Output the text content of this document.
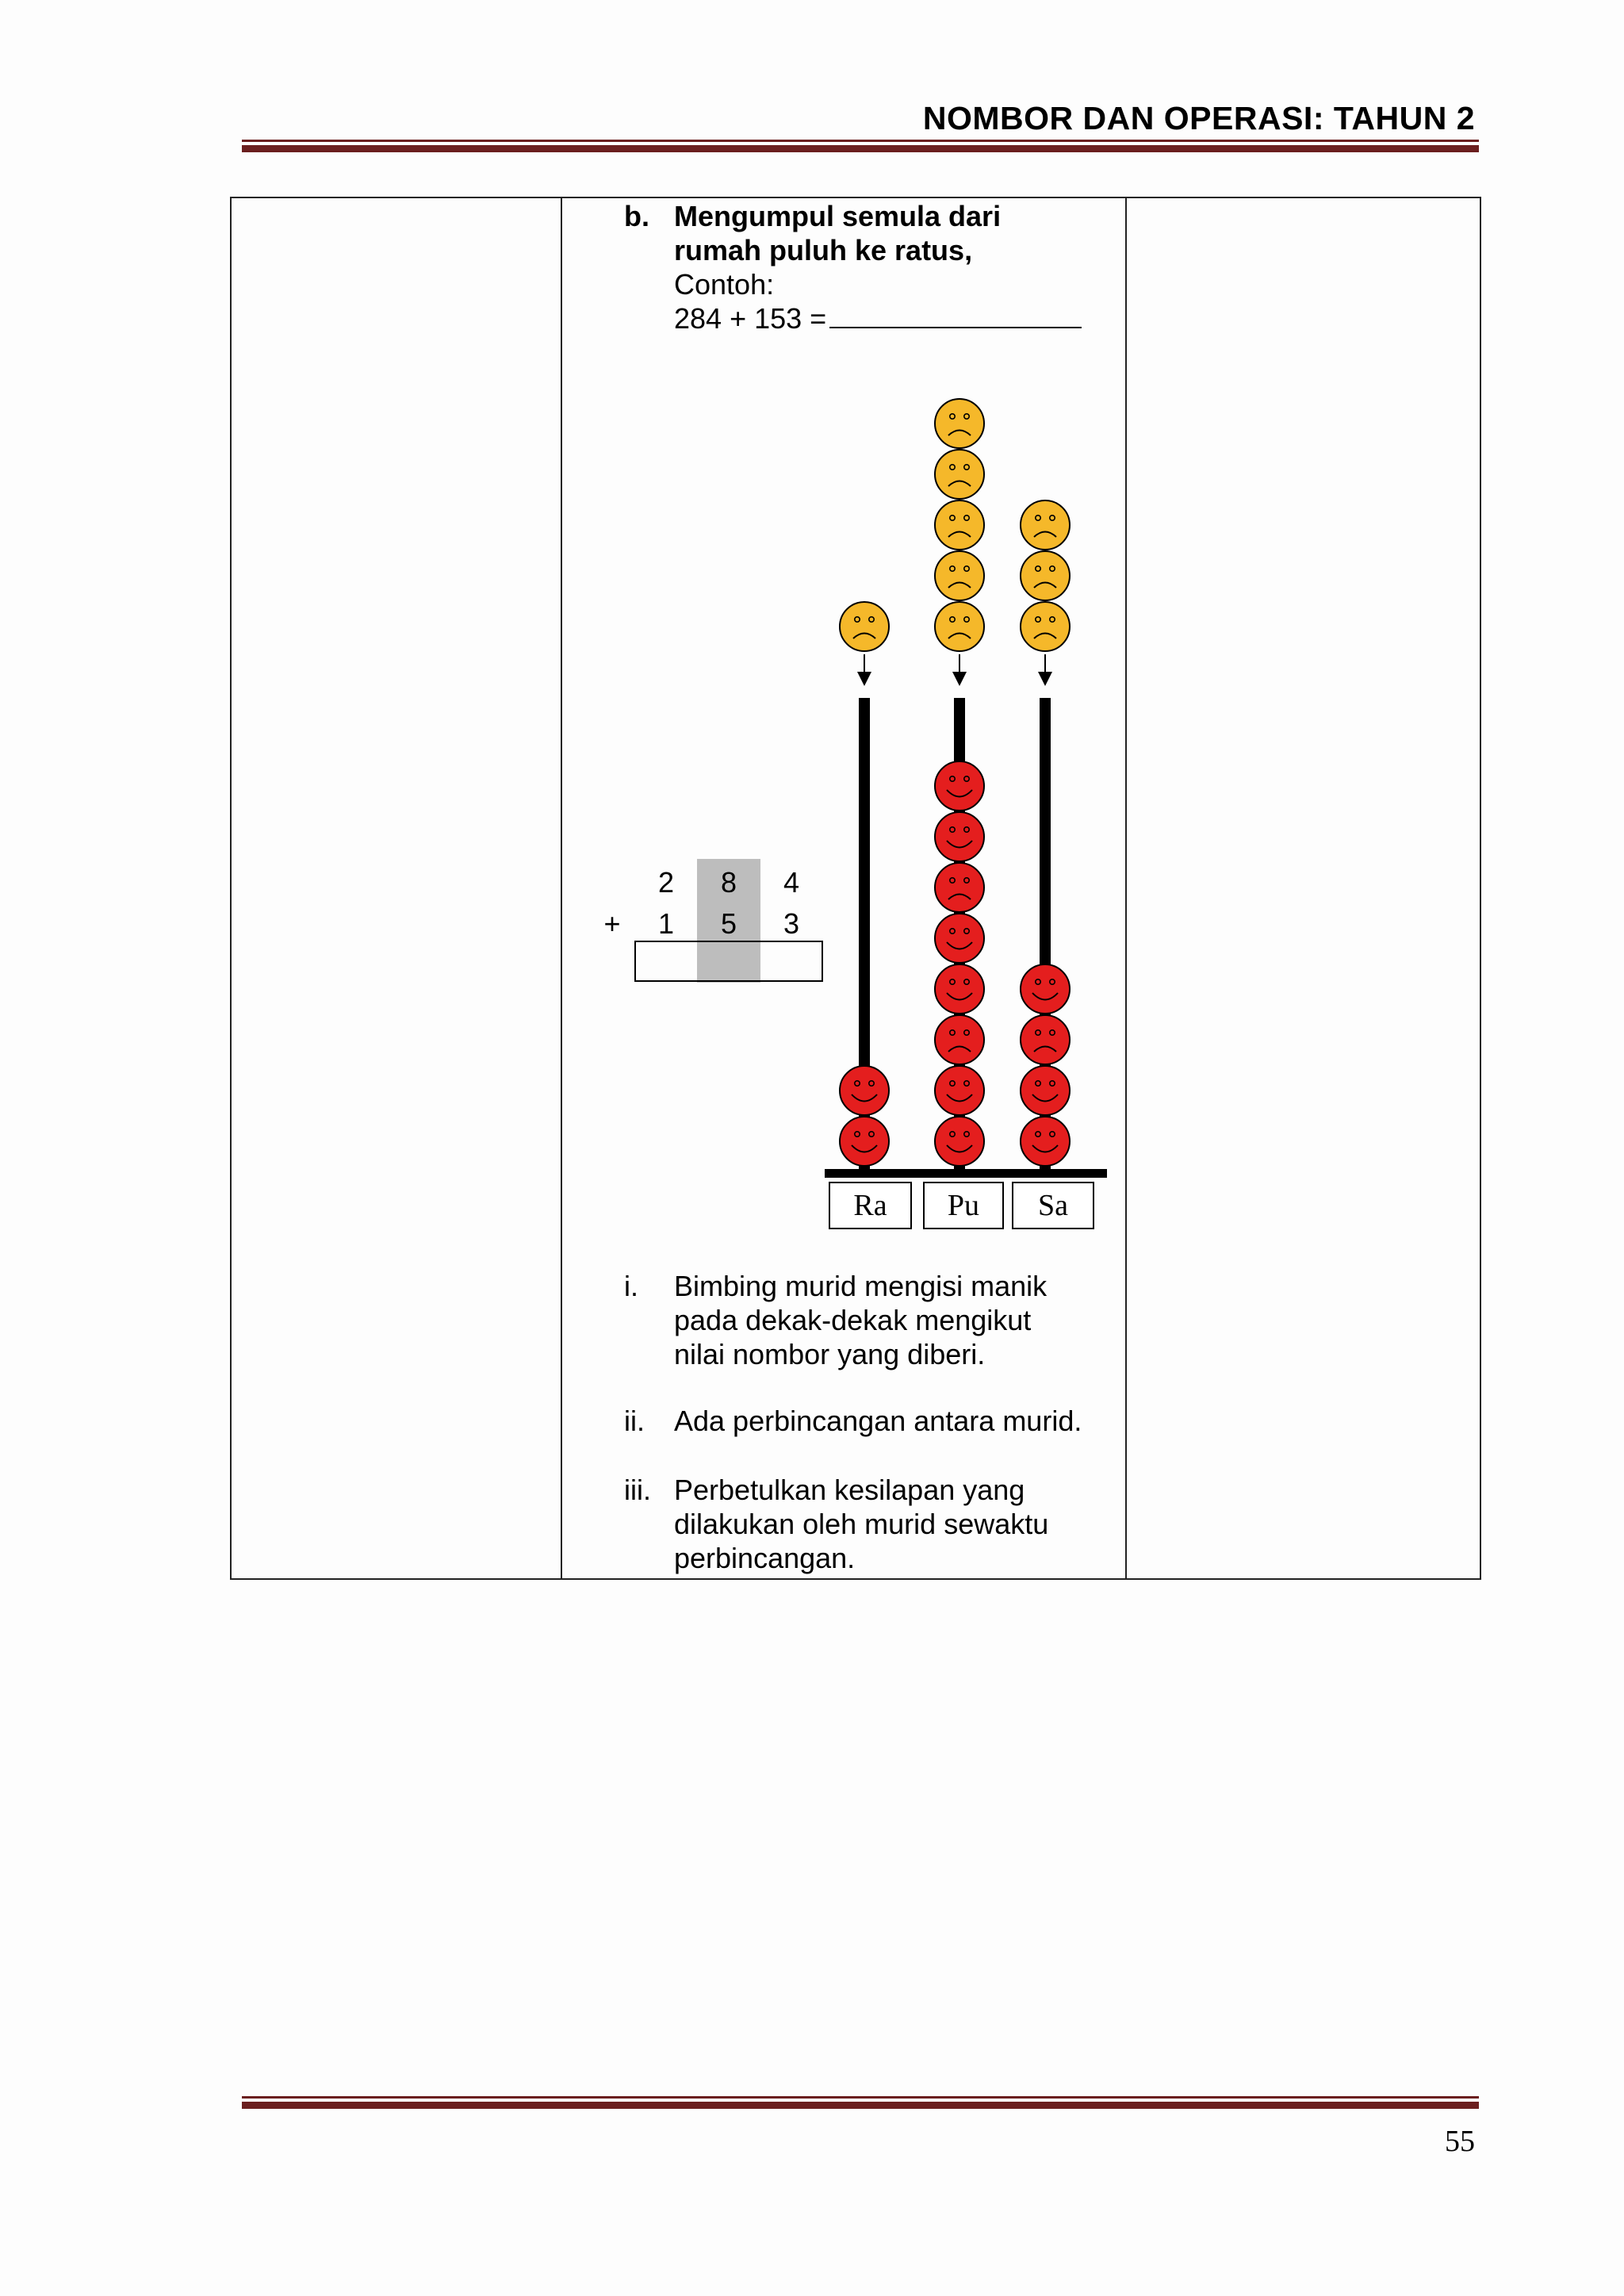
NOMBOR DAN OPERASI: TAHUN 2
b. Mengumpul semula dari
rumah puluh ke ratus,
Contoh:
284 + 153 =
2 8 4
+ 1 5 3
Ra	Pu	Sa
i. Bimbing murid mengisi manik
pada dekak-dekak mengikut
nilai nombor yang diberi.
ii. Ada perbincangan antara murid.
iii. Perbetulkan kesilapan yang
dilakukan oleh murid sewaktu
perbincangan.
55
